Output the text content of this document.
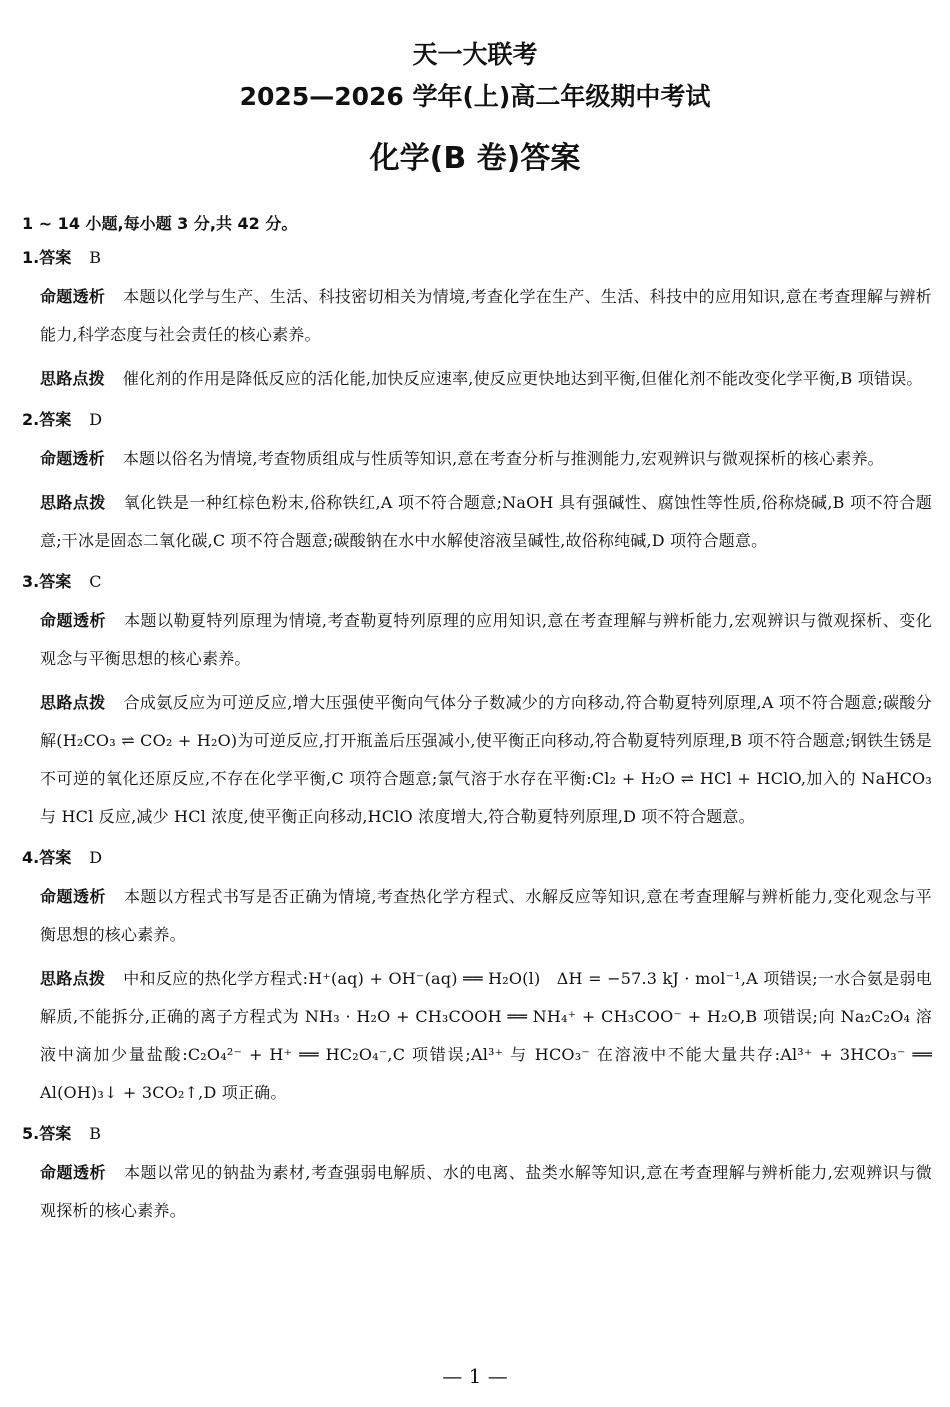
天一大联考
2025—2026 学年(上)高二年级期中考试
化学(B 卷)答案
1 ~ 14 小题,每小题 3 分,共 42 分。
1.答案 B
命题透析 本题以化学与生产、生活、科技密切相关为情境,考查化学在生产、生活、科技中的应用知识,意在考查理解与辨析能力,科学态度与社会责任的核心素养。
思路点拨 催化剂的作用是降低反应的活化能,加快反应速率,使反应更快地达到平衡,但催化剂不能改变化学平衡,B 项错误。
2.答案 D
命题透析 本题以俗名为情境,考查物质组成与性质等知识,意在考查分析与推测能力,宏观辨识与微观探析的核心素养。
思路点拨 氧化铁是一种红棕色粉末,俗称铁红,A 项不符合题意;NaOH 具有强碱性、腐蚀性等性质,俗称烧碱,B 项不符合题意;干冰是固态二氧化碳,C 项不符合题意;碳酸钠在水中水解使溶液呈碱性,故俗称纯碱,D 项符合题意。
3.答案 C
命题透析 本题以勒夏特列原理为情境,考查勒夏特列原理的应用知识,意在考查理解与辨析能力,宏观辨识与微观探析、变化观念与平衡思想的核心素养。
思路点拨 合成氨反应为可逆反应,增大压强使平衡向气体分子数减少的方向移动,符合勒夏特列原理,A 项不符合题意;碳酸分解(H₂CO₃ ⇌ CO₂ + H₂O)为可逆反应,打开瓶盖后压强减小,使平衡正向移动,符合勒夏特列原理,B 项不符合题意;钢铁生锈是不可逆的氧化还原反应,不存在化学平衡,C 项符合题意;氯气溶于水存在平衡:Cl₂ + H₂O ⇌ HCl + HClO,加入的 NaHCO₃ 与 HCl 反应,减少 HCl 浓度,使平衡正向移动,HClO 浓度增大,符合勒夏特列原理,D 项不符合题意。
4.答案 D
命题透析 本题以方程式书写是否正确为情境,考查热化学方程式、水解反应等知识,意在考查理解与辨析能力,变化观念与平衡思想的核心素养。
思路点拨 中和反应的热化学方程式:H⁺(aq) + OH⁻(aq) ══ H₂O(l)　ΔH = −57.3 kJ · mol⁻¹,A 项错误;一水合氨是弱电解质,不能拆分,正确的离子方程式为 NH₃ · H₂O + CH₃COOH ══ NH₄⁺ + CH₃COO⁻ + H₂O,B 项错误;向 Na₂C₂O₄ 溶液中滴加少量盐酸:C₂O₄²⁻ + H⁺ ══ HC₂O₄⁻,C 项错误;Al³⁺ 与 HCO₃⁻ 在溶液中不能大量共存:Al³⁺ + 3HCO₃⁻ ══ Al(OH)₃↓ + 3CO₂↑,D 项正确。
5.答案 B
命题透析 本题以常见的钠盐为素材,考查强弱电解质、水的电离、盐类水解等知识,意在考查理解与辨析能力,宏观辨识与微观探析的核心素养。
— 1 —
